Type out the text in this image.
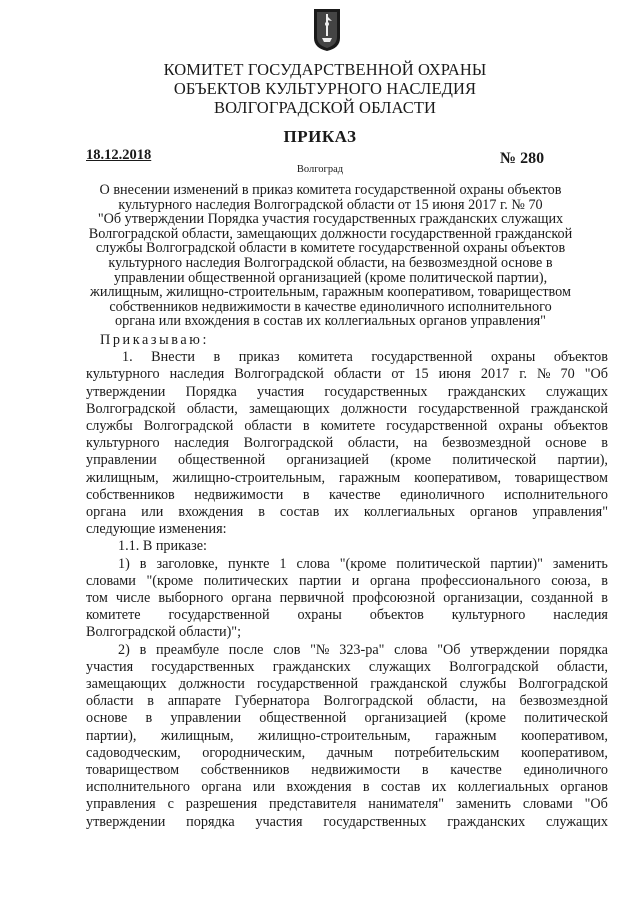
КОМИТЕТ ГОСУДАРСТВЕННОЙ ОХРАНЫ
ОБЪЕКТОВ КУЛЬТУРНОГО НАСЛЕДИЯ
ВОЛГОГРАДСКОЙ ОБЛАСТИ
ПРИКАЗ
18.12.2018	№ 280
Волгоград
О внесении изменений в приказ комитета государственной охраны объектов
культурного наследия Волгоградской области от 15 июня 2017 г. № 70
"Об утверждении Порядка участия государственных гражданских служащих
Волгоградской области, замещающих должности государственной гражданской
службы Волгоградской области в комитете государственной охраны объектов
культурного наследия Волгоградской области, на безвозмездной основе в
управлении общественной организацией (кроме политической партии),
жилищным, жилищно-строительным, гаражным кооперативом, товариществом
собственников недвижимости в качестве единоличного исполнительного
органа или вхождения в состав их коллегиальных органов управления"
Приказываю:
1. Внести в приказ комитета государственной охраны объектов
культурного наследия Волгоградской области от 15 июня 2017 г. № 70 "Об
утверждении Порядка участия государственных гражданских служащих
Волгоградской области, замещающих должности государственной гражданской
службы Волгоградской области в комитете государственной охраны объектов
культурного наследия Волгоградской области, на безвозмездной основе в
управлении общественной организацией (кроме политической партии),
жилищным, жилищно-строительным, гаражным кооперативом, товариществом
собственников недвижимости в качестве единоличного исполнительного
органа или вхождения в состав их коллегиальных органов управления"
следующие изменения:
1.1. В приказе:
1) в заголовке, пункте 1 слова "(кроме политической партии)" заменить
словами "(кроме политических партии и органа профессионального союза, в
том числе выборного органа первичной профсоюзной организации, созданной в
комитете государственной охраны объектов культурного наследия
Волгоградской области)";
2) в преамбуле после слов "№ 323-ра" слова "Об утверждении порядка
участия государственных гражданских служащих Волгоградской области,
замещающих должности государственной гражданской службы Волгоградской
области в аппарате Губернатора Волгоградской области, на безвозмездной
основе в управлении общественной организацией (кроме политической
партии), жилищным, жилищно-строительным, гаражным кооперативом,
садоводческим, огородническим, дачным потребительским кооперативом,
товариществом собственников недвижимости в качестве единоличного
исполнительного органа или вхождения в состав их коллегиальных органов
управления с разрешения представителя нанимателя" заменить словами "Об
утверждении порядка участия государственных гражданских служащих
